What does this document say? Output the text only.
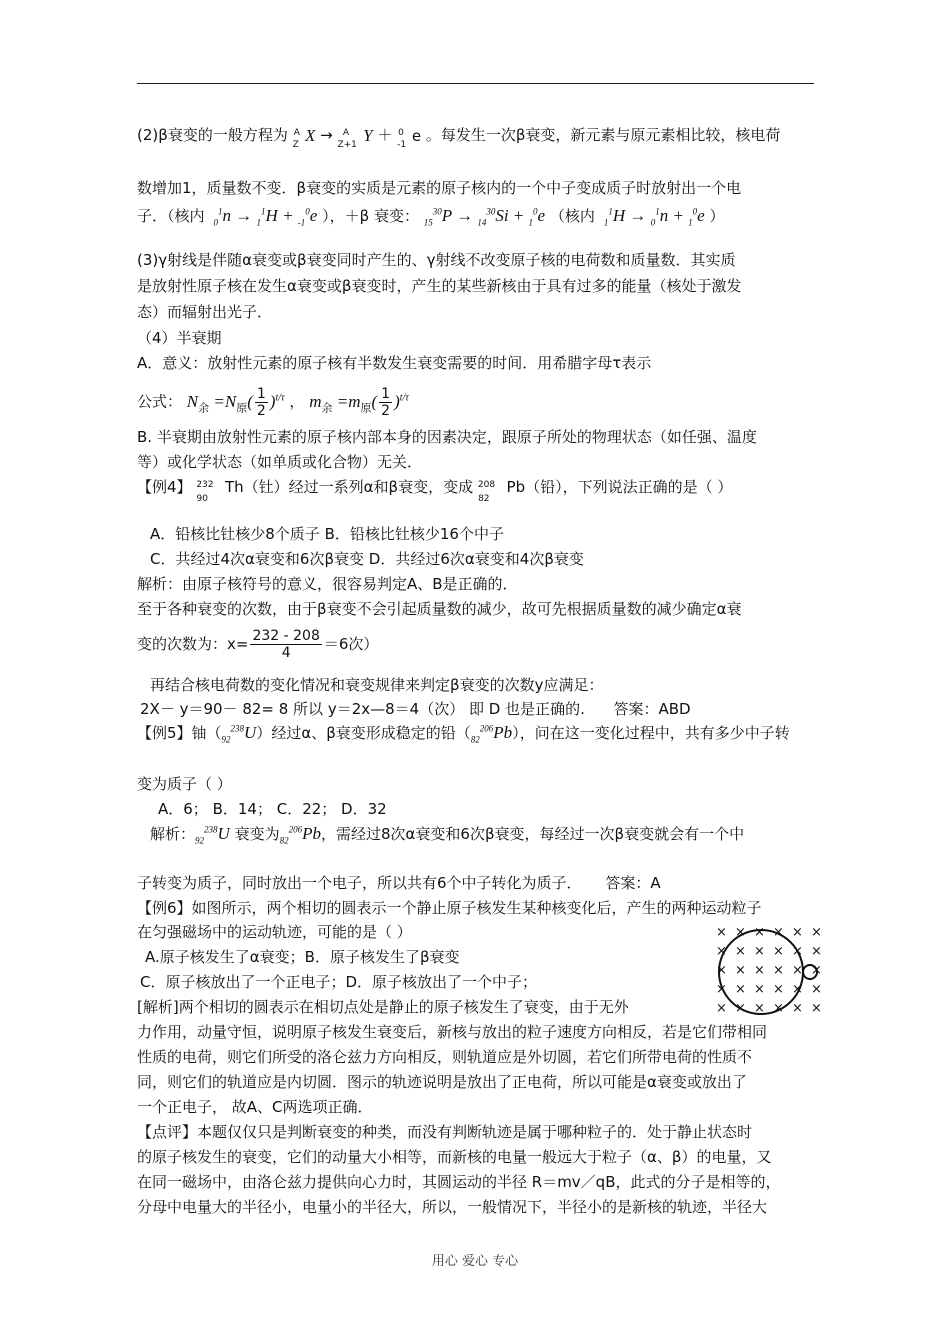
(2)β衰变的一般方程为 $_Z^A$ X → $_{Z+1}^A$ Y ＋ $_{-1}^0$ e 。每发生一次β衰变，新元素与原元素相比较，核电荷
数增加1，质量数不变．β衰变的实质是元素的原子核内的一个中子变成质子时放射出一个电
子．（核内 $_0^1$n → $_1^1$H + $_{-1}^0$e ），＋β 衰变： $_{15}^{30}$P → $_{14}^{30}$Si + $_1^0$e （核内 $_1^1$H → $_0^1$n + $_1^0$e ）
(3)γ射线是伴随α衰变或β衰变同时产生的、γ射线不改变原子核的电荷数和质量数．其实质
是放射性原子核在发生α衰变或β衰变时，产生的某些新核由于具有过多的能量（核处于激发
态）而辐射出光子．
（4）半衰期
A．意义：放射性元素的原子核有半数发生衰变需要的时间．用希腊字母τ表示
公式： $N_余 =N_原( \frac{1}{2} )^{t/\tau}$ ， $m_余 =m_原( \frac{1}{2} )^{t/\tau}$
B. 半衰期由放射性元素的原子核内部本身的因素决定，跟原子所处的物理状态（如任强、温度
等）或化学状态（如单质或化合物）无关．
【例4】 $^{232}_{90}$Th（钍）经过一系列α和β衰变，变成 $^{208}_{82}$Pb（铅），下列说法正确的是（ ）
A．铅核比钍核少8个质子 B．铅核比钍核少16个中子
C．共经过4次α衰变和6次β衰变 D．共经过6次α衰变和4次β衰变
解析：由原子核符号的意义，很容易判定A、B是正确的．
至于各种衰变的次数，由于β衰变不会引起质量数的减少，故可先根据质量数的减少确定α衰
变的次数为：$x= \frac{232 - 208}{4} =6$次）
再结合核电荷数的变化情况和衰变规律来判定β衰变的次数y应满足：
2X－ y＝90－ 82= 8 所以 y＝2x—8＝4（次） 即 D 也是正确的. 答案：ABD
【例5】铀$(_{92}^{238}U)$经过α、β衰变形成稳定的铅$(_{82}^{206}Pb)$，问在这一变化过程中，共有多少中子转
变为质子（ ）
A．6； B．14； C．22； D．32
解析：$_{92}^{238}$U 衰变为$_{82}^{206}$Pb，需经过8次α衰变和6次β衰变，每经过一次β衰变就会有一个中
子转变为质子，同时放出一个电子，所以共有6个中子转化为质子． 答案：A
【例6】如图所示，两个相切的圆表示一个静止原子核发生某种核变化后，产生的两种运动粒子
在匀强磁场中的运动轨迹，可能的是（ ）
A.原子核发生了α衰变；B．原子核发生了β衰变
C．原子核放出了一个正电子；D．原子核放出了一个中子；
[解析]两个相切的圆表示在相切点处是静止的原子核发生了衰变，由于无外
力作用，动量守恒，说明原子核发生衰变后，新核与放出的粒子速度方向相反，若是它们带相同
性质的电荷，则它们所受的洛仑兹力方向相反，则轨道应是外切圆，若它们所带电荷的性质不
同，则它们的轨道应是内切圆．图示的轨迹说明是放出了正电荷，所以可能是α衰变或放出了
一个正电子， 故A、C两选项正确．
【点评】本题仅仅只是判断衰变的种类，而没有判断轨迹是属于哪种粒子的．处于静止状态时
的原子核发生的衰变，它们的动量大小相等，而新核的电量一般远大于粒子（α、β）的电量，又
在同一磁场中，由洛仑兹力提供向心力时，其圆运动的半径 R＝mv／qB，此式的分子是相等的，
分母中电量大的半径小，电量小的半径大，所以，一般情况下，半径小的是新核的轨迹，半径大
× × × × × ×
× × × × × ×
× × × × × ×
× × × × × ×
× × × × × ×
用心 爱心 专心
